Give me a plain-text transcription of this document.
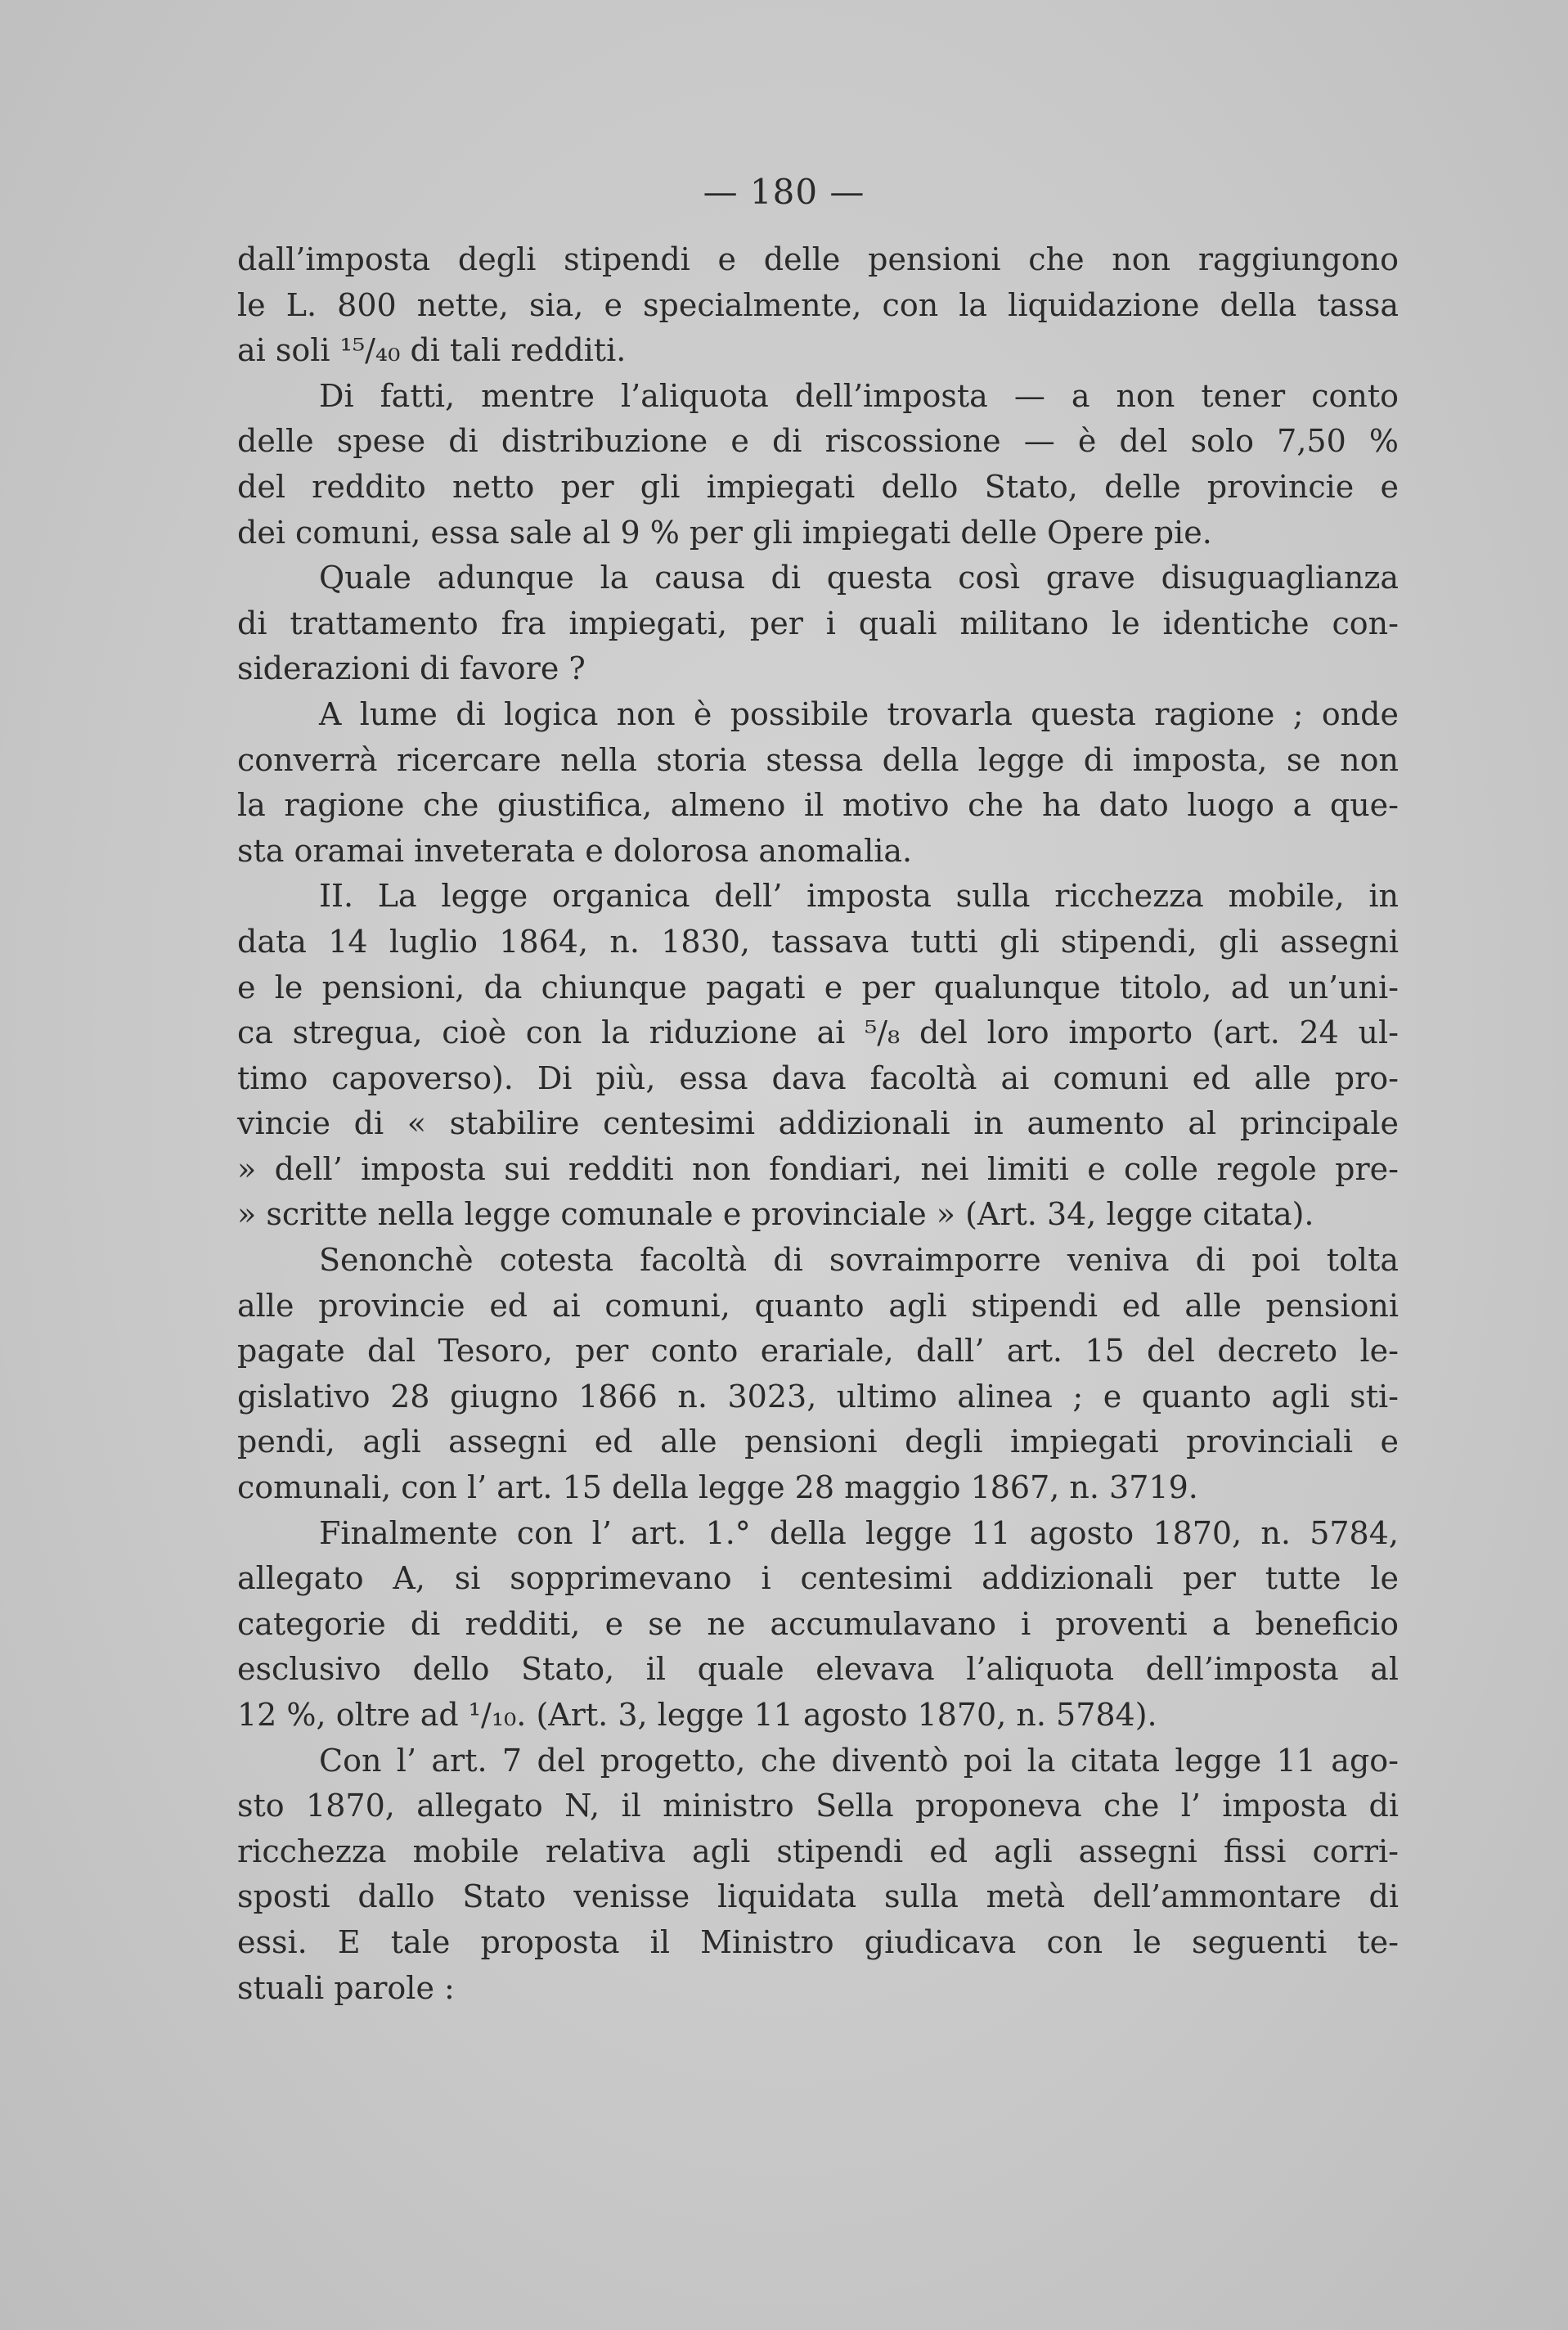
— 180 —
dall’imposta degli stipendi e delle pensioni che non raggiungono
le L. 800 nette, sia, e specialmente, con la liquidazione della tassa
ai soli ¹⁵/₄₀ di tali redditi.
Di fatti, mentre l’aliquota dell’imposta — a non tener conto
delle spese di distribuzione e di riscossione — è del solo 7,50 %
del reddito netto per gli impiegati dello Stato, delle provincie e
dei comuni, essa sale al 9 % per gli impiegati delle Opere pie.
Quale adunque la causa di questa così grave disuguaglianza
di trattamento fra impiegati, per i quali militano le identiche con-
siderazioni di favore ?
A lume di logica non è possibile trovarla questa ragione ; onde
converrà ricercare nella storia stessa della legge di imposta, se non
la ragione che giustifica, almeno il motivo che ha dato luogo a que-
sta oramai inveterata e dolorosa anomalia.
II. La legge organica dell’ imposta sulla ricchezza mobile, in
data 14 luglio 1864, n. 1830, tassava tutti gli stipendi, gli assegni
e le pensioni, da chiunque pagati e per qualunque titolo, ad un’uni-
ca stregua, cioè con la riduzione ai ⁵/₈ del loro importo (art. 24 ul-
timo capoverso). Di più, essa dava facoltà ai comuni ed alle pro-
vincie di « stabilire centesimi addizionali in aumento al principale
» dell’ imposta sui redditi non fondiari, nei limiti e colle regole pre-
» scritte nella legge comunale e provinciale » (Art. 34, legge citata).
Senonchè cotesta facoltà di sovraimporre veniva di poi tolta
alle provincie ed ai comuni, quanto agli stipendi ed alle pensioni
pagate dal Tesoro, per conto erariale, dall’ art. 15 del decreto le-
gislativo 28 giugno 1866 n. 3023, ultimo alinea ; e quanto agli sti-
pendi, agli assegni ed alle pensioni degli impiegati provinciali e
comunali, con l’ art. 15 della legge 28 maggio 1867, n. 3719.
Finalmente con l’ art. 1.° della legge 11 agosto 1870, n. 5784,
allegato A, si sopprimevano i centesimi addizionali per tutte le
categorie di redditi, e se ne accumulavano i proventi a beneficio
esclusivo dello Stato, il quale elevava l’aliquota dell’imposta al
12 %, oltre ad ¹/₁₀. (Art. 3, legge 11 agosto 1870, n. 5784).
Con l’ art. 7 del progetto, che diventò poi la citata legge 11 ago-
sto 1870, allegato N, il ministro Sella proponeva che l’ imposta di
ricchezza mobile relativa agli stipendi ed agli assegni fissi corri-
sposti dallo Stato venisse liquidata sulla metà dell’ammontare di
essi. E tale proposta il Ministro giudicava con le seguenti te-
stuali parole :
